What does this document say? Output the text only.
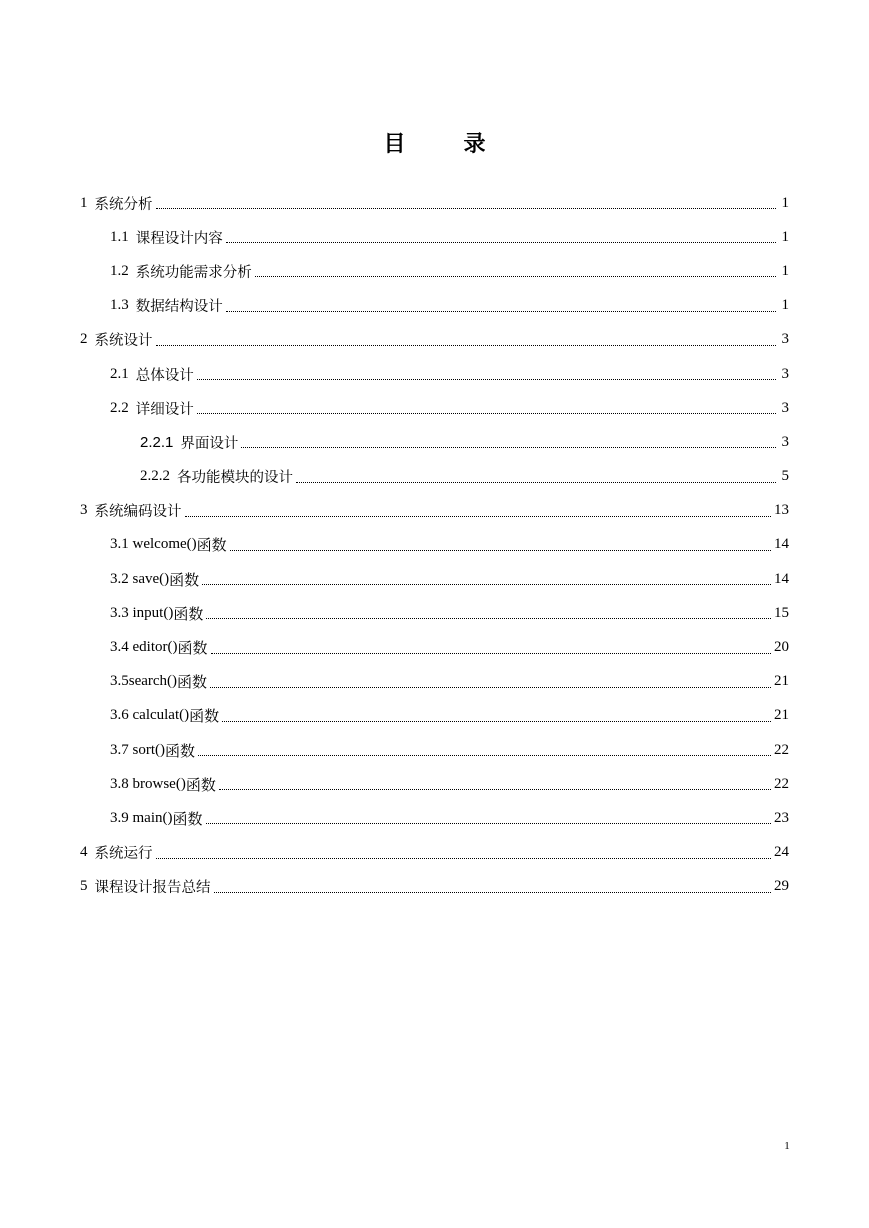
目　录
1 系统分析	1
1.1 课程设计内容	1
1.2 系统功能需求分析	1
1.3 数据结构设计	1
2 系统设计	3
2.1 总体设计	3
2.2 详细设计	3
2.2.1 界面设计	3
2.2.2 各功能模块的设计	5
3 系统编码设计	13
3.1 welcome() 函数	14
3.2 save() 函数	14
3.3 input() 函数	15
3.4 editor() 函数	20
3.5search() 函数	21
3.6 calculat() 函数	21
3.7 sort() 函数	22
3.8 browse() 函数	22
3.9 main() 函数	23
4 系统运行	24
5 课程设计报告总结	29
1
